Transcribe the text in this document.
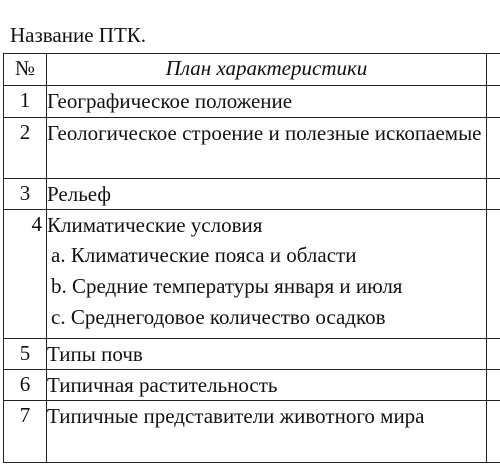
Название ПТК.
№	План характеристики	
1	Географическое положение	
2	Геологическое строение и полезные ископаемые	
3	Рельеф	
4	Климатические условия
a. Климатические пояса и области
b. Средние температуры января и июля
c. Среднегодовое количество осадков	

5	Типы почв	
6	Типичная растительность	
7	Типичные представители животного мира	
